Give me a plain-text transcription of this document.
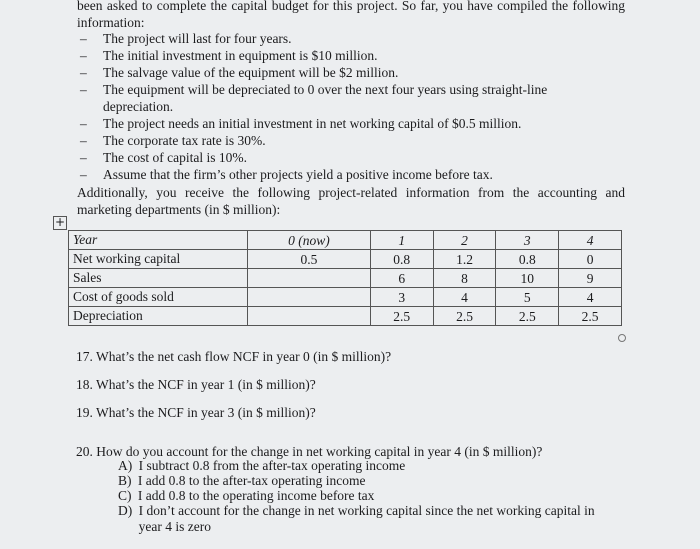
been asked to complete the capital budget for this project. So far, you have compiled the following information:
– The project will last for four years.
– The initial investment in equipment is $10 million.
– The salvage value of the equipment will be $2 million.
– The equipment will be depreciated to 0 over the next four years using straight-line depreciation.
– The project needs an initial investment in net working capital of $0.5 million.
– The corporate tax rate is 30%.
– The cost of capital is 10%.
– Assume that the firm’s other projects yield a positive income before tax.
Additionally, you receive the following project-related information from the accounting and marketing departments (in $ million):
+
Year	0 (now)	1	2	3	4
Net working capital	0.5	0.8	1.2	0.8	0
Sales		6	8	10	9
Cost of goods sold		3	4	5	4
Depreciation		2.5	2.5	2.5	2.5
17. What’s the net cash flow NCF in year 0 (in $ million)?
18. What’s the NCF in year 1 (in $ million)?
19. What’s the NCF in year 3 (in $ million)?
20. How do you account for the change in net working capital in year 4 (in $ million)?
A) I subtract 0.8 from the after-tax operating income
B) I add 0.8 to the after-tax operating income
C) I add 0.8 to the operating income before tax
D) I don’t account for the change in net working capital since the net working capital in year 4 is zero
